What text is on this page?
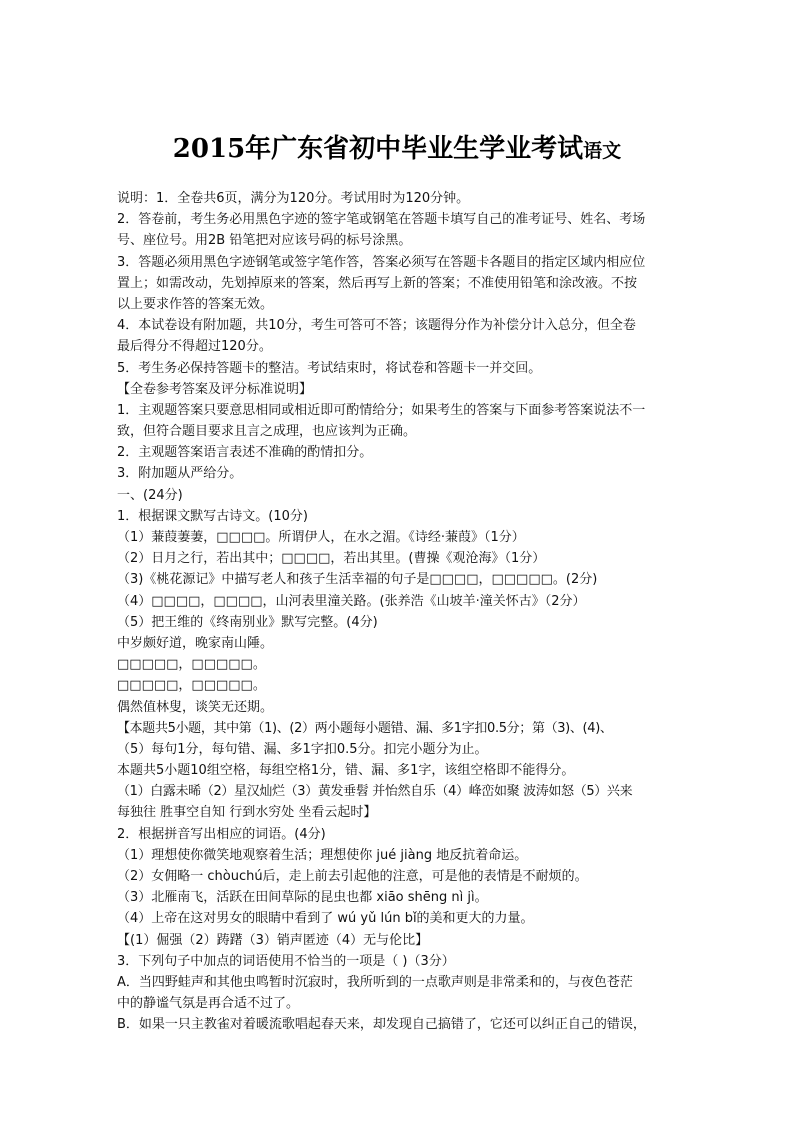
2015年广东省初中毕业生学业考试语文
说明：1．全卷共6页，满分为120分。考试用时为120分钟。
2．答卷前，考生务必用黑色字迹的签字笔或钢笔在答题卡填写自己的准考证号、姓名、考场
号、座位号。用2B 铅笔把对应该号码的标号涂黑。
3．答题必须用黑色字迹钢笔或签字笔作答，答案必须写在答题卡各题目的指定区域内相应位
置上；如需改动，先划掉原来的答案，然后再写上新的答案；不准使用铅笔和涂改液。不按
以上要求作答的答案无效。
4．本试卷设有附加题，共10分，考生可答可不答；该题得分作为补偿分计入总分，但全卷
最后得分不得超过120分。
5．考生务必保持答题卡的整洁。考试结束时，将试卷和答题卡一并交回。
【全卷参考答案及评分标准说明】
1．主观题答案只要意思相同或相近即可酌情给分；如果考生的答案与下面参考答案说法不一
致，但符合题目要求且言之成理，也应该判为正确。
2．主观题答案语言表述不准确的酌情扣分。
3．附加题从严给分。
一、(24分)
1．根据课文默写古诗文。(10分)
（1）蒹葭萋萋，□□□□。所谓伊人，在水之湄。《诗经·蒹葭》（1分）
（2）日月之行，若出其中；□□□□，若出其里。(曹操《观沧海》（1分）
（3)《桃花源记》中描写老人和孩子生活幸福的句子是□□□□，□□□□□。(2分)
（4）□□□□，□□□□，山河表里潼关路。(张养浩《山坡羊·潼关怀古》（2分）
（5）把王维的《终南别业》默写完整。(4分)
中岁颇好道，晚家南山陲。
□□□□□，□□□□□。
□□□□□，□□□□□。
偶然值林叟，谈笑无还期。
【本题共5小题，其中第（1)、(2）两小题每小题错、漏、多1字扣0.5分；第（3)、(4)、
（5）每句1分，每句错、漏、多1字扣0.5分。扣完小题分为止。
本题共5小题10组空格，每组空格1分，错、漏、多1字，该组空格即不能得分。
（1）白露未晞（2）星汉灿烂（3）黄发垂髫 并怡然自乐（4）峰峦如聚 波涛如怒（5）兴来
每独往 胜事空自知 行到水穷处 坐看云起时】
2．根据拼音写出相应的词语。(4分)
（1）理想使你微笑地观察着生活；理想使你 jué jiàng 地反抗着命运。
（2）女佣略一 chòuchú后，走上前去引起他的注意，可是他的表情是不耐烦的。
（3）北雁南飞，活跃在田间草际的昆虫也都 xiāo shēng nì jì。
（4）上帝在这对男女的眼睛中看到了 wú yǔ lún bǐ的美和更大的力量。
【(1）倔强（2）踌躇（3）销声匿迹（4）无与伦比】
3．下列句子中加点的词语使用不恰当的一项是（ )（3分）
A．当四野蛙声和其他虫鸣暂时沉寂时，我所听到的一点歌声则是非常柔和的，与夜色苍茫
中的静谧气氛是再合适不过了。
B．如果一只主教雀对着暖流歌唱起春天来，却发现自己搞错了，它还可以纠正自己的错误，
